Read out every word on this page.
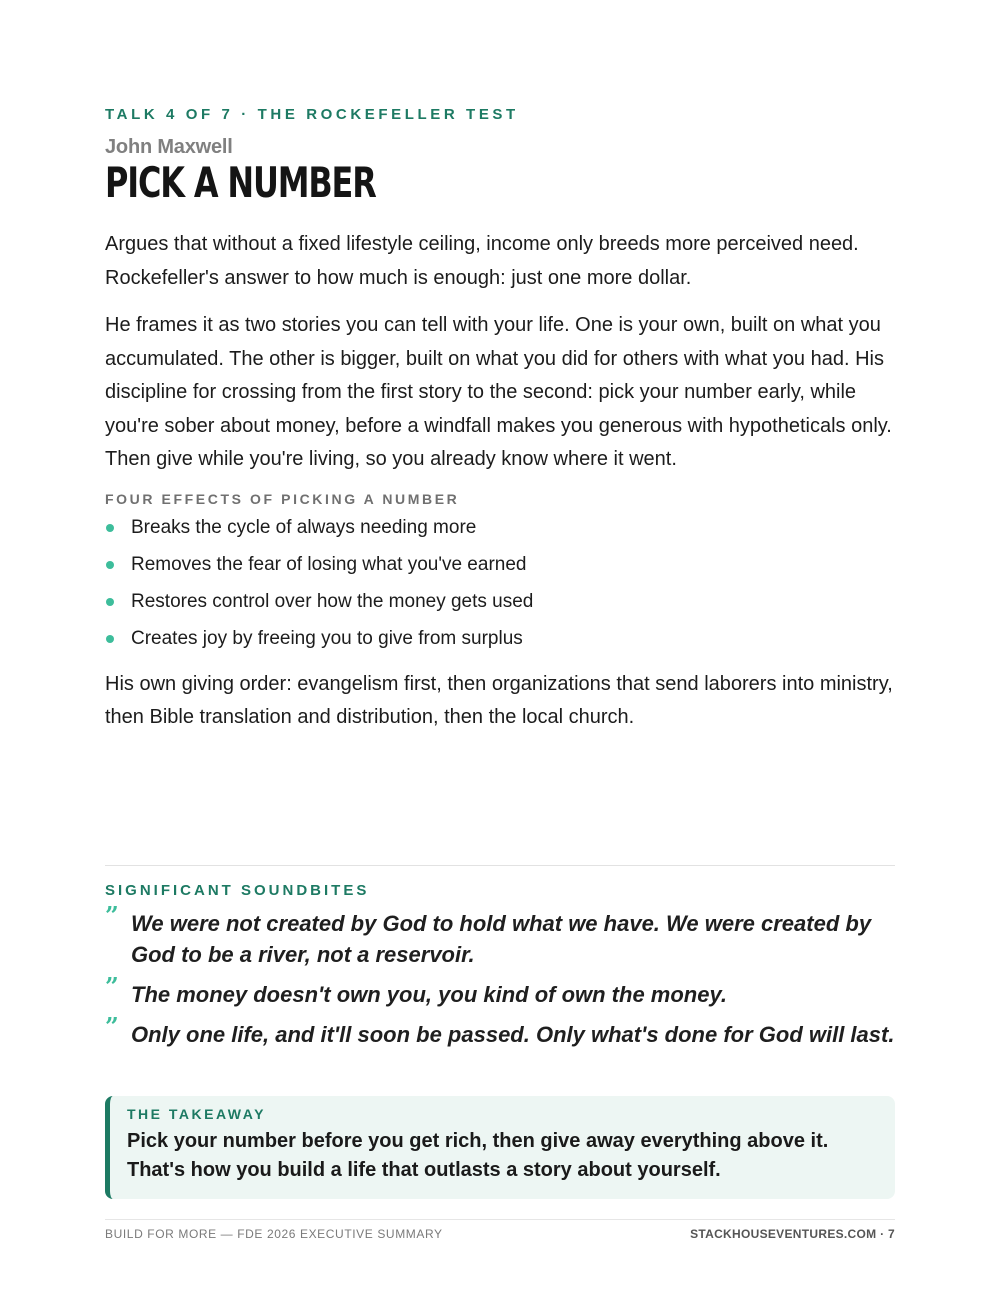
TALK 4 OF 7 · THE ROCKEFELLER TEST
John Maxwell
PICK A NUMBER

Argues that without a fixed lifestyle ceiling, income only breeds more perceived need. Rockefeller's answer to how much is enough: just one more dollar.

He frames it as two stories you can tell with your life. One is your own, built on what you accumulated. The other is bigger, built on what you did for others with what you had. His discipline for crossing from the first story to the second: pick your number early, while you're sober about money, before a windfall makes you generous with hypotheticals only. Then give while you're living, so you already know where it went.

FOUR EFFECTS OF PICKING A NUMBER
Breaks the cycle of always needing more
Removes the fear of losing what you've earned
Restores control over how the money gets used
Creates joy by freeing you to give from surplus

His own giving order: evangelism first, then organizations that send laborers into ministry, then Bible translation and distribution, then the local church.

SIGNIFICANT SOUNDBITES
” We were not created by God to hold what we have. We were created by God to be a river, not a reservoir.
” The money doesn't own you, you kind of own the money.
” Only one life, and it'll soon be passed. Only what's done for God will last.
THE TAKEAWAY
Pick your number before you get rich, then give away everything above it. That's how you build a life that outlasts a story about yourself.
BUILD FOR MORE — FDE 2026 EXECUTIVE SUMMARY	STACKHOUSEVENTURES.COM · 7
